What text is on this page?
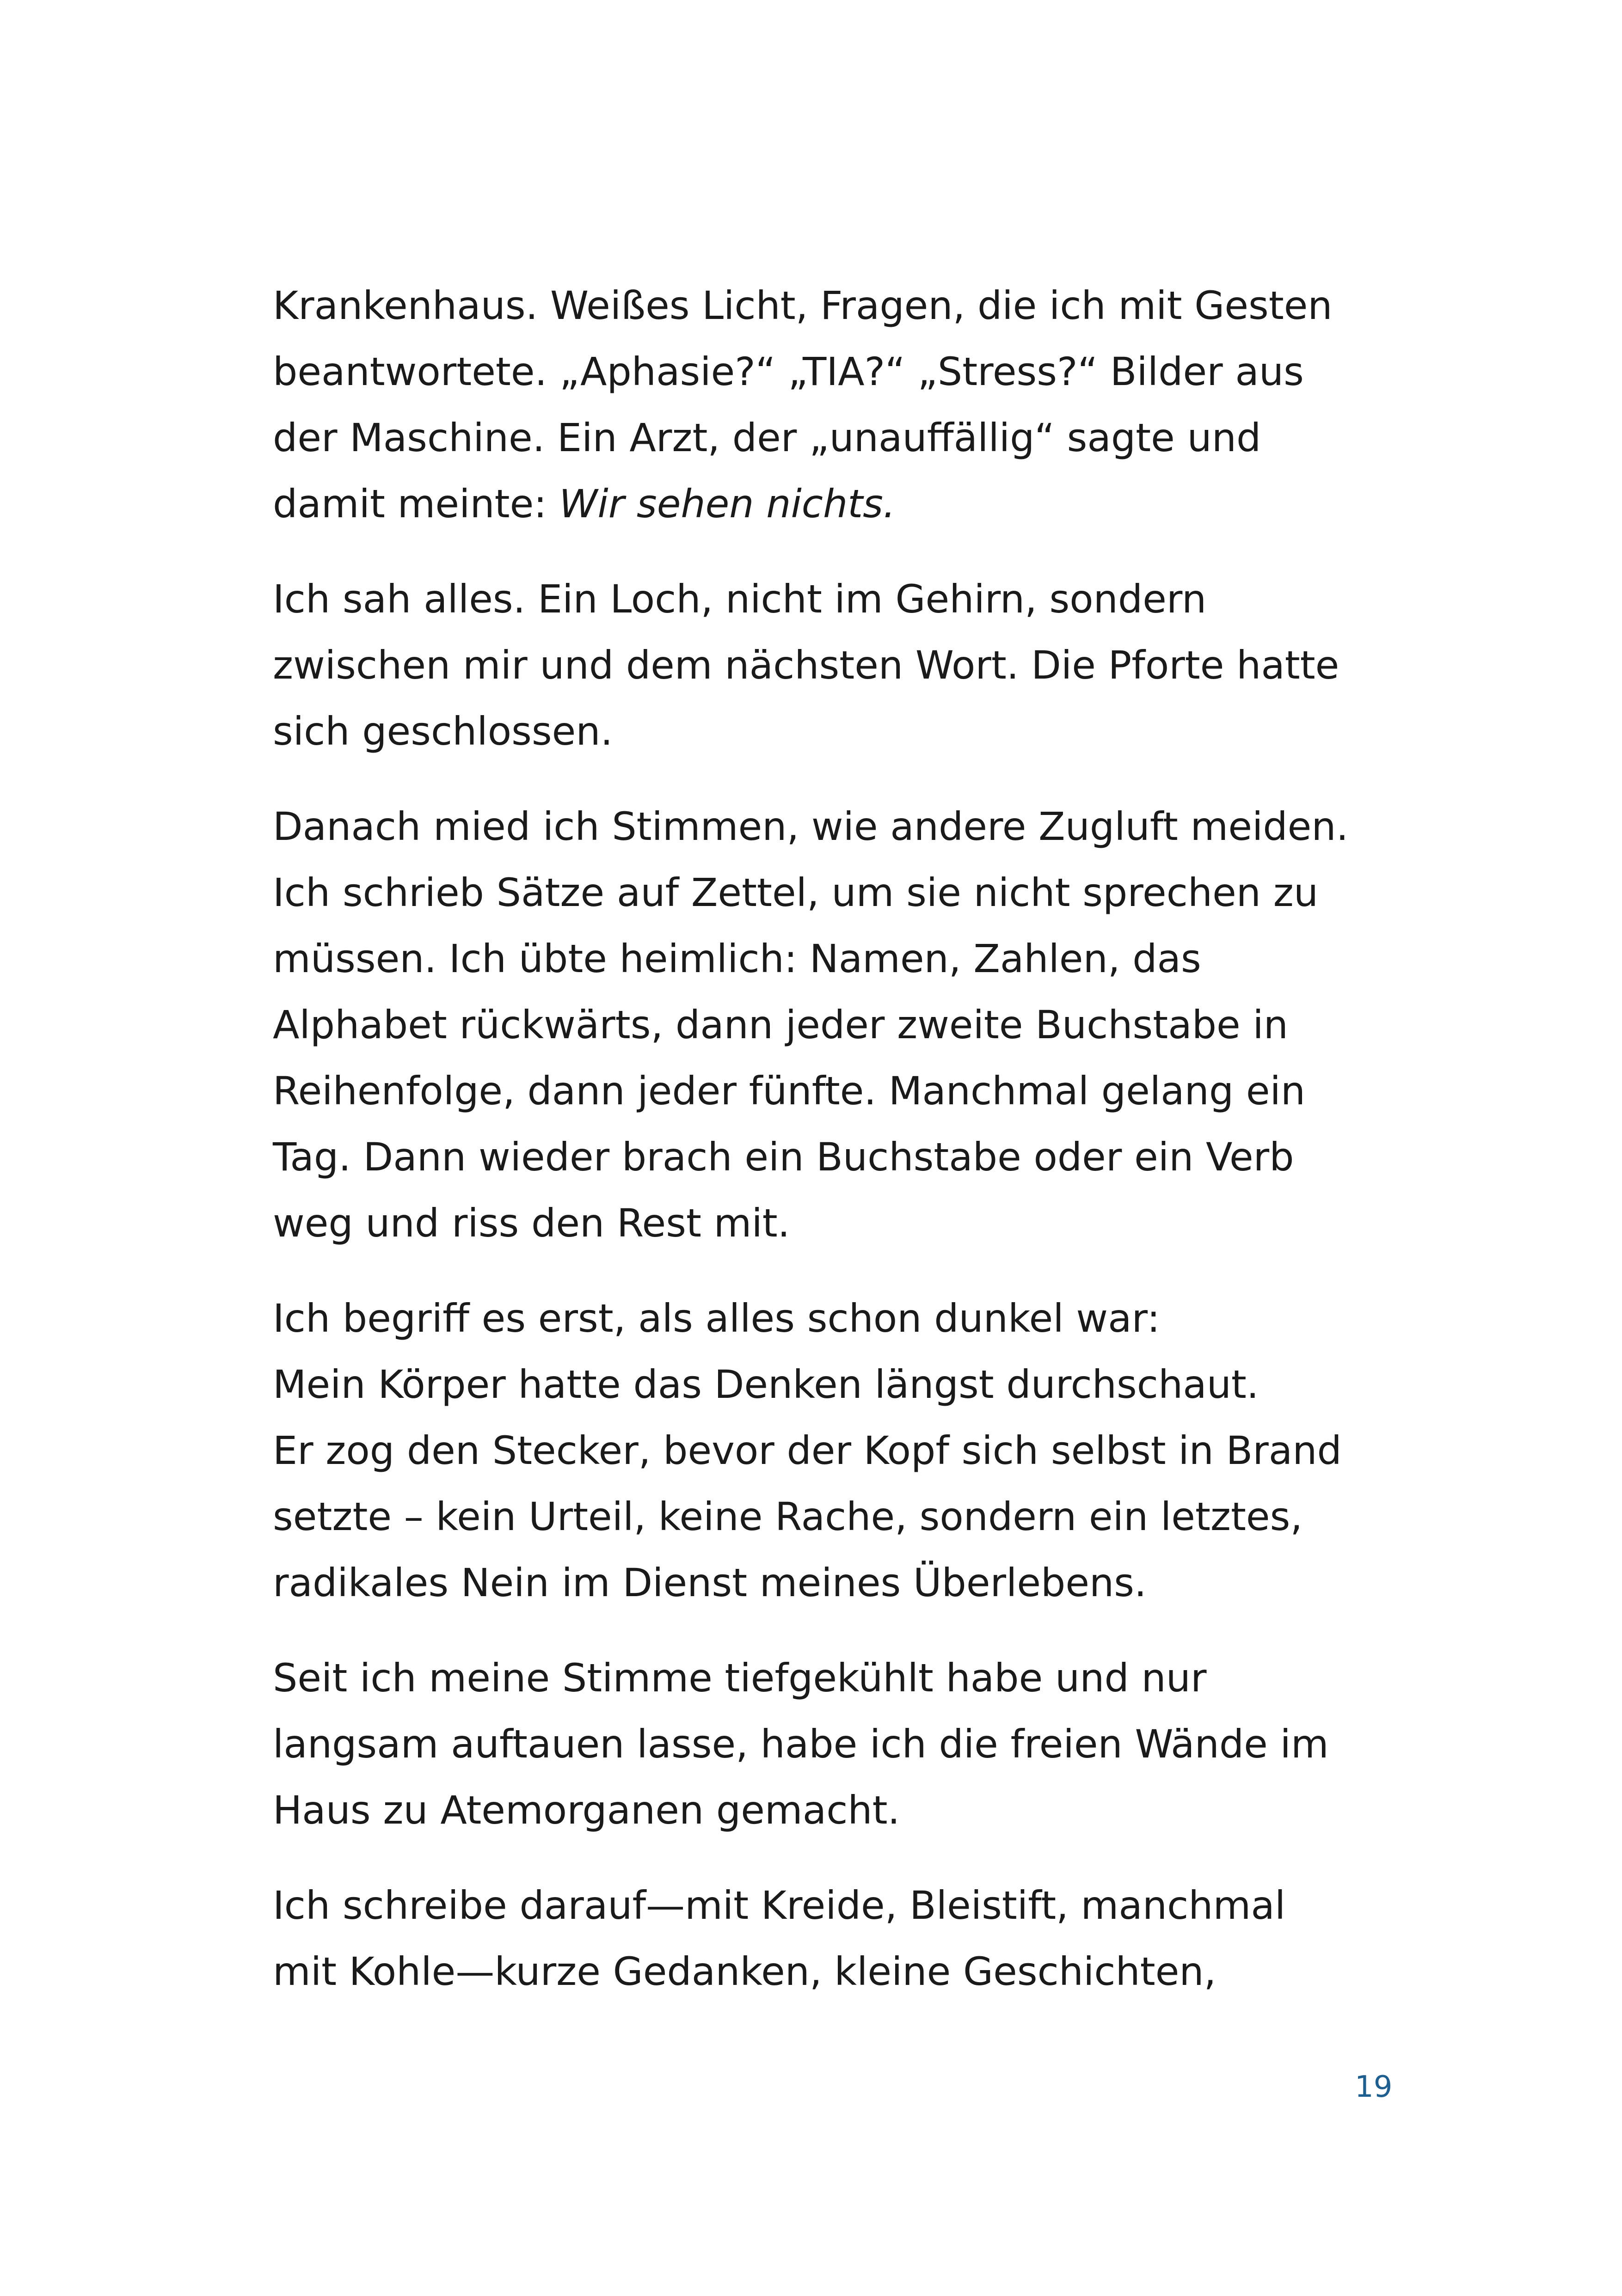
Krankenhaus. Weißes Licht, Fragen, die ich mit Gesten
beantwortete. „Aphasie?“ „TIA?“ „Stress?“ Bilder aus
der Maschine. Ein Arzt, der „unauffällig“ sagte und
damit meinte: Wir sehen nichts.
Ich sah alles. Ein Loch, nicht im Gehirn, sondern
zwischen mir und dem nächsten Wort. Die Pforte hatte
sich geschlossen.
Danach mied ich Stimmen, wie andere Zugluft meiden.
Ich schrieb Sätze auf Zettel, um sie nicht sprechen zu
müssen. Ich übte heimlich: Namen, Zahlen, das
Alphabet rückwärts, dann jeder zweite Buchstabe in
Reihenfolge, dann jeder fünfte. Manchmal gelang ein
Tag. Dann wieder brach ein Buchstabe oder ein Verb
weg und riss den Rest mit.
Ich begriff es erst, als alles schon dunkel war:
Mein Körper hatte das Denken längst durchschaut.
Er zog den Stecker, bevor der Kopf sich selbst in Brand
setzte – kein Urteil, keine Rache, sondern ein letztes,
radikales Nein im Dienst meines Überlebens.
Seit ich meine Stimme tiefgekühlt habe und nur
langsam auftauen lasse, habe ich die freien Wände im
Haus zu Atemorganen gemacht.
Ich schreibe darauf—mit Kreide, Bleistift, manchmal
mit Kohle—kurze Gedanken, kleine Geschichten,
19
